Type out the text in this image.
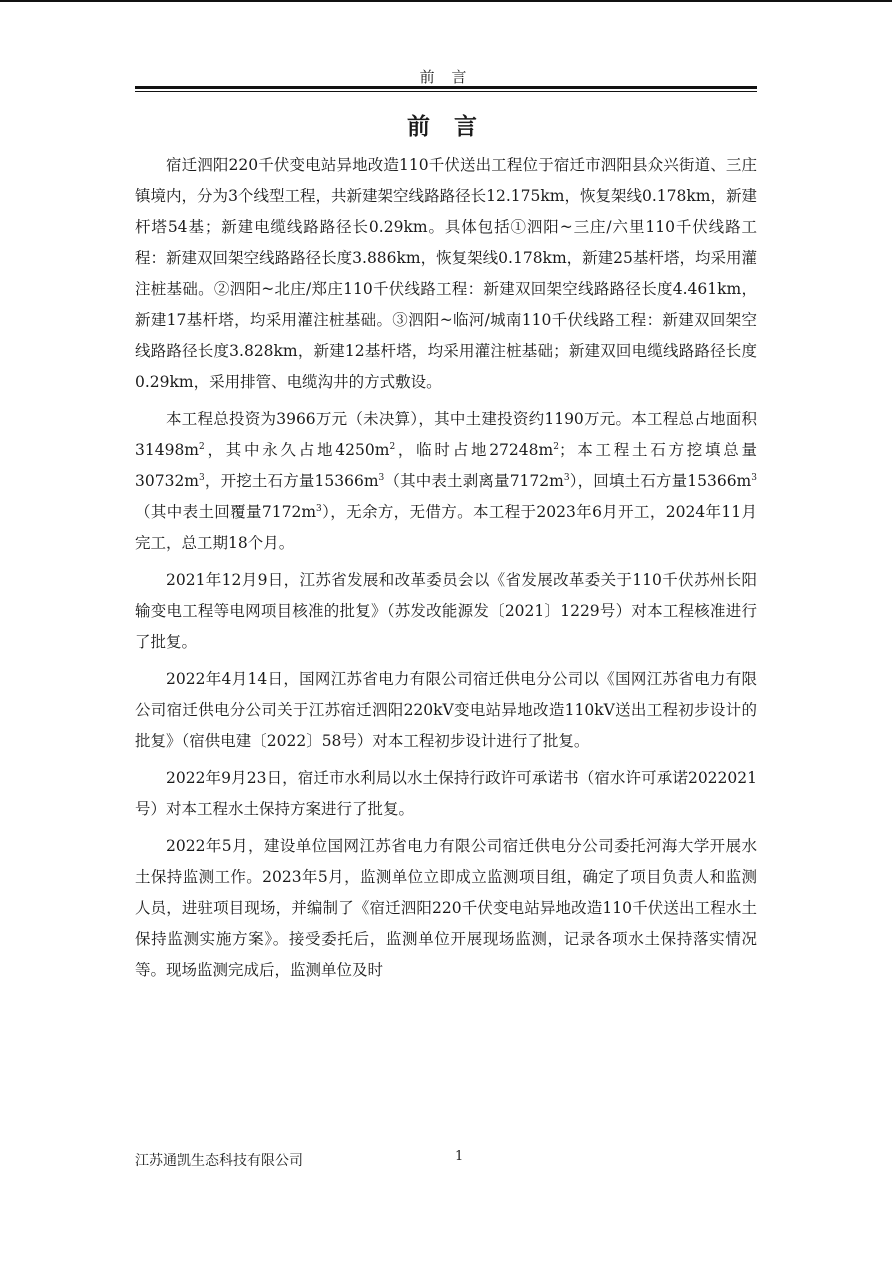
前 言
前 言

宿迁泗阳220千伏变电站异地改造110千伏送出工程位于宿迁市泗阳县众兴街道、三庄镇境内，分为3个线型工程，共新建架空线路路径长12.175km，恢复架线0.178km，新建杆塔54基；新建电缆线路路径长0.29km。具体包括①泗阳~三庄/六里110千伏线路工程：新建双回架空线路路径长度3.886km，恢复架线0.178km，新建25基杆塔，均采用灌注桩基础。②泗阳~北庄/郑庄110千伏线路工程：新建双回架空线路路径长度4.461km，新建17基杆塔，均采用灌注桩基础。③泗阳~临河/城南110千伏线路工程：新建双回架空线路路径长度3.828km，新建12基杆塔，均采用灌注桩基础；新建双回电缆线路路径长度0.29km，采用排管、电缆沟井的方式敷设。

本工程总投资为3966万元（未决算），其中土建投资约1190万元。本工程总占地面积$31498m^2$，其中永久占地$4250m^2$，临时占地$27248m^2$；本工程土石方挖填总量$30732m^3$，开挖土石方量$15366m^3$（其中表土剥离量$7172m^3$），回填土石方量$15366m^3$（其中表土回覆量$7172m^3$），无余方，无借方。本工程于2023年6月开工，2024年11月完工，总工期18个月。

2021年12月9日，江苏省发展和改革委员会以《省发展改革委关于110千伏苏州长阳输变电工程等电网项目核准的批复》（苏发改能源发〔2021〕1229号）对本工程核准进行了批复。

2022年4月14日，国网江苏省电力有限公司宿迁供电分公司以《国网江苏省电力有限公司宿迁供电分公司关于江苏宿迁泗阳220kV变电站异地改造110kV送出工程初步设计的批复》（宿供电建〔2022〕58号）对本工程初步设计进行了批复。

2022年9月23日，宿迁市水利局以水土保持行政许可承诺书（宿水许可承诺2022021号）对本工程水土保持方案进行了批复。

2022年5月，建设单位国网江苏省电力有限公司宿迁供电分公司委托河海大学开展水土保持监测工作。2023年5月，监测单位立即成立监测项目组，确定了项目负责人和监测人员，进驻项目现场，并编制了《宿迁泗阳220千伏变电站异地改造110千伏送出工程水土保持监测实施方案》。接受委托后，监测单位开展现场监测，记录各项水土保持落实情况等。现场监测完成后，监测单位及时

江苏通凯生态科技有限公司	1
